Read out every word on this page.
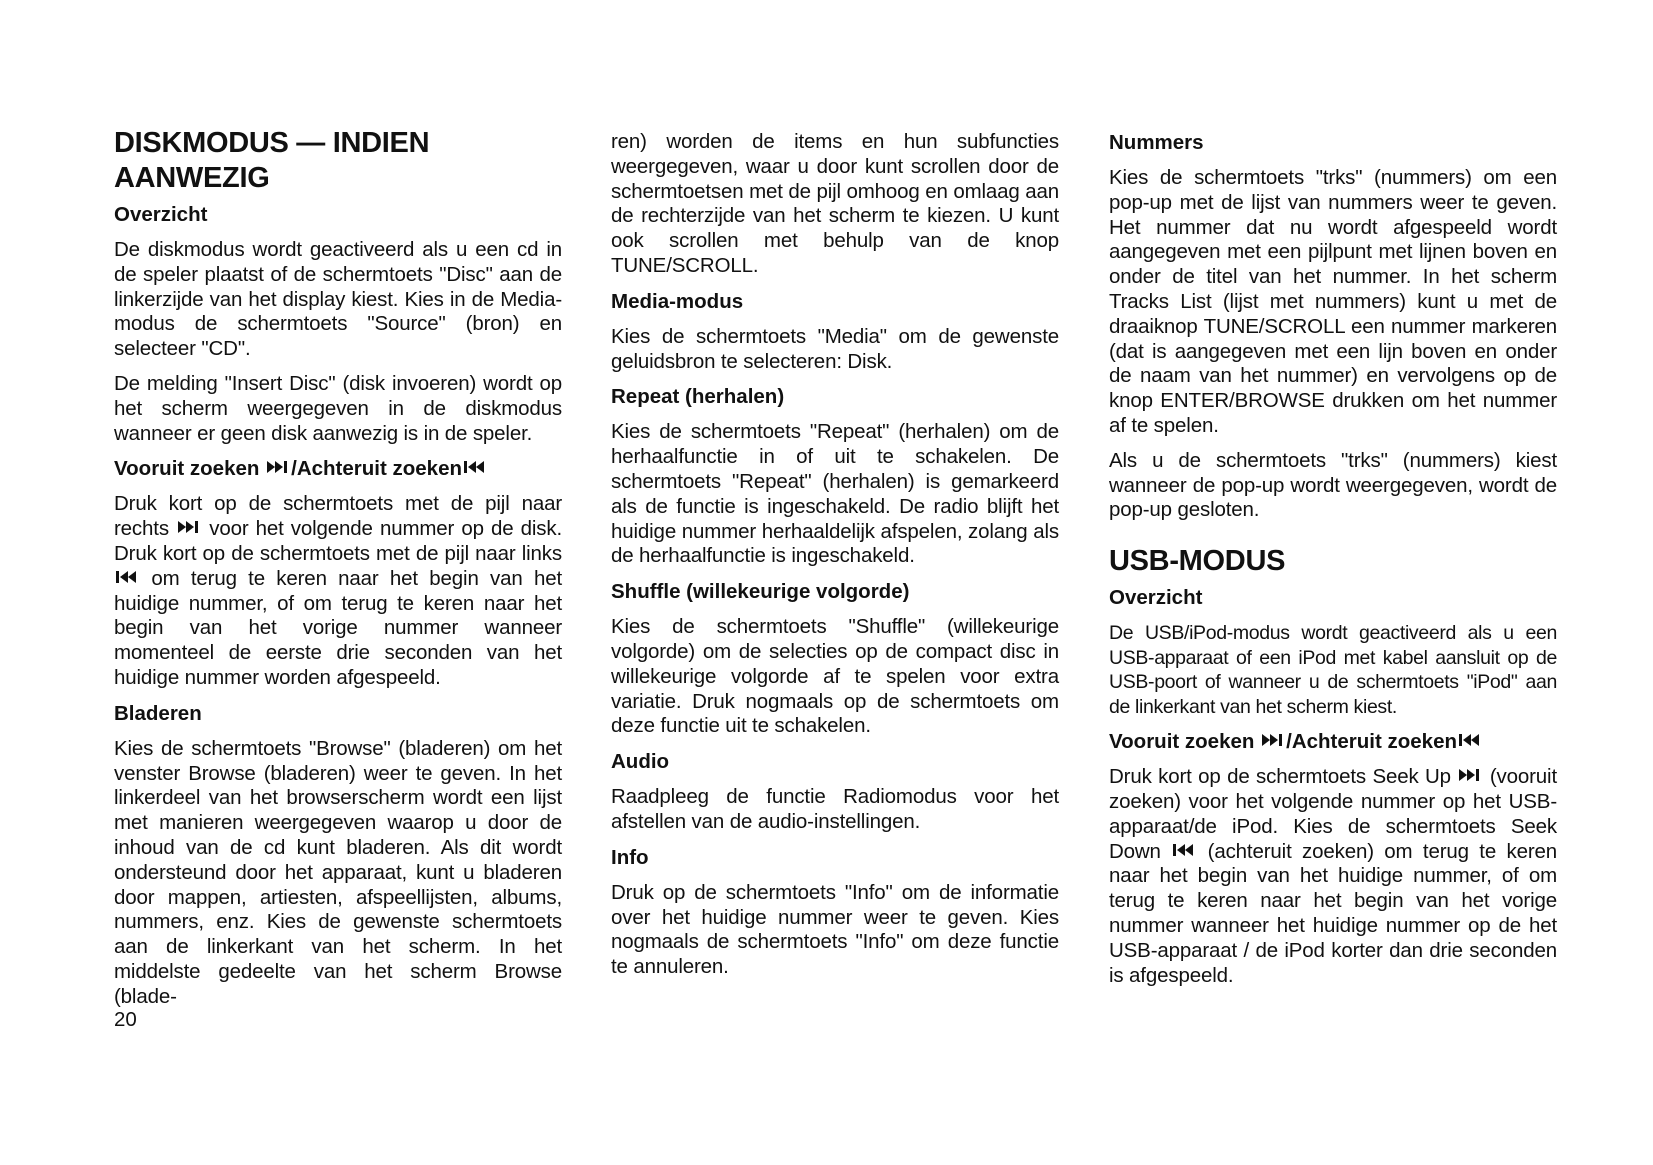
DISKMODUS — INDIEN AANWEZIG
Overzicht

De diskmodus wordt geactiveerd als u een cd in de speler plaatst of de schermtoets "Disc" aan de linkerzijde van het display kiest. Kies in de Media-modus de schermtoets "Source" (bron) en selecteer "CD".

De melding "Insert Disc" (disk invoeren) wordt op het scherm weergegeven in de diskmodus wanneer er geen disk aanwezig is in de speler.

Vooruit zoeken /Achteruit zoeken

Druk kort op de schermtoets met de pijl naar rechts voor het volgende nummer op de disk. Druk kort op de schermtoets met de pijl naar links
om terug te keren naar het begin van het huidige nummer, of om terug te keren naar het begin van het vorige nummer wanneer momenteel de eerste drie seconden van het huidige nummer worden afgespeeld.

Bladeren

Kies de schermtoets "Browse" (bladeren) om het venster Browse (bladeren) weer te geven. In het linkerdeel van het browserscherm wordt een lijst met manieren weergegeven waarop u door de inhoud van de cd kunt bladeren. Als dit wordt ondersteund door het apparaat, kunt u bladeren door mappen, artiesten, afspeellijsten, albums, nummers, enz. Kies de gewenste schermtoets aan de linkerkant van het scherm. In het middelste gedeelte van het scherm Browse (blade-

ren) worden de items en hun subfuncties weergegeven, waar u door kunt scrollen door de schermtoetsen met de pijl omhoog en omlaag aan de rechterzijde van het scherm te kiezen. U kunt ook scrollen met behulp van de knop TUNE/SCROLL.

Media-modus

Kies de schermtoets "Media" om de gewenste geluidsbron te selecteren: Disk.

Repeat (herhalen)

Kies de schermtoets "Repeat" (herhalen) om de herhaalfunctie in of uit te schakelen. De schermtoets "Repeat" (herhalen) is gemarkeerd als de functie is ingeschakeld. De radio blijft het huidige nummer herhaaldelijk afspelen, zolang als de herhaalfunctie is ingeschakeld.

Shuffle (willekeurige volgorde)

Kies de schermtoets "Shuffle" (willekeurige volgorde) om de selecties op de compact disc in willekeurige volgorde af te spelen voor extra variatie. Druk nogmaals op de schermtoets om deze functie uit te schakelen.

Audio

Raadpleeg de functie Radiomodus voor het afstellen van de audio-instellingen.

Info

Druk op de schermtoets "Info" om de informatie over het huidige nummer weer te geven. Kies nogmaals de schermtoets "Info" om deze functie te annuleren.

Nummers

Kies de schermtoets "trks" (nummers) om een pop-up met de lijst van nummers weer te geven. Het nummer dat nu wordt afgespeeld wordt aangegeven met een pijlpunt met lijnen boven en onder de titel van het nummer. In het scherm Tracks List (lijst met nummers) kunt u met de draaiknop TUNE/SCROLL een nummer markeren (dat is aangegeven met een lijn boven en onder de naam van het nummer) en vervolgens op de knop ENTER/BROWSE drukken om het nummer af te spelen.

Als u de schermtoets "trks" (nummers) kiest wanneer de pop-up wordt weergegeven, wordt de pop-up gesloten.

USB-MODUS
Overzicht

De USB/iPod-modus wordt geactiveerd als u een USB-apparaat of een iPod met kabel aansluit op de USB-poort of wanneer u de schermtoets "iPod" aan de linkerkant van het scherm kiest.

Vooruit zoeken /Achteruit zoeken

Druk kort op de schermtoets Seek Up (vooruit zoeken) voor het volgende nummer op het USB-apparaat/de iPod. Kies de schermtoets Seek Down (achteruit zoeken) om terug te keren naar het begin van het huidige nummer, of om terug te keren naar het begin van het vorige nummer wanneer het huidige nummer op de het USB-apparaat / de iPod korter dan drie seconden is afgespeeld.

20
